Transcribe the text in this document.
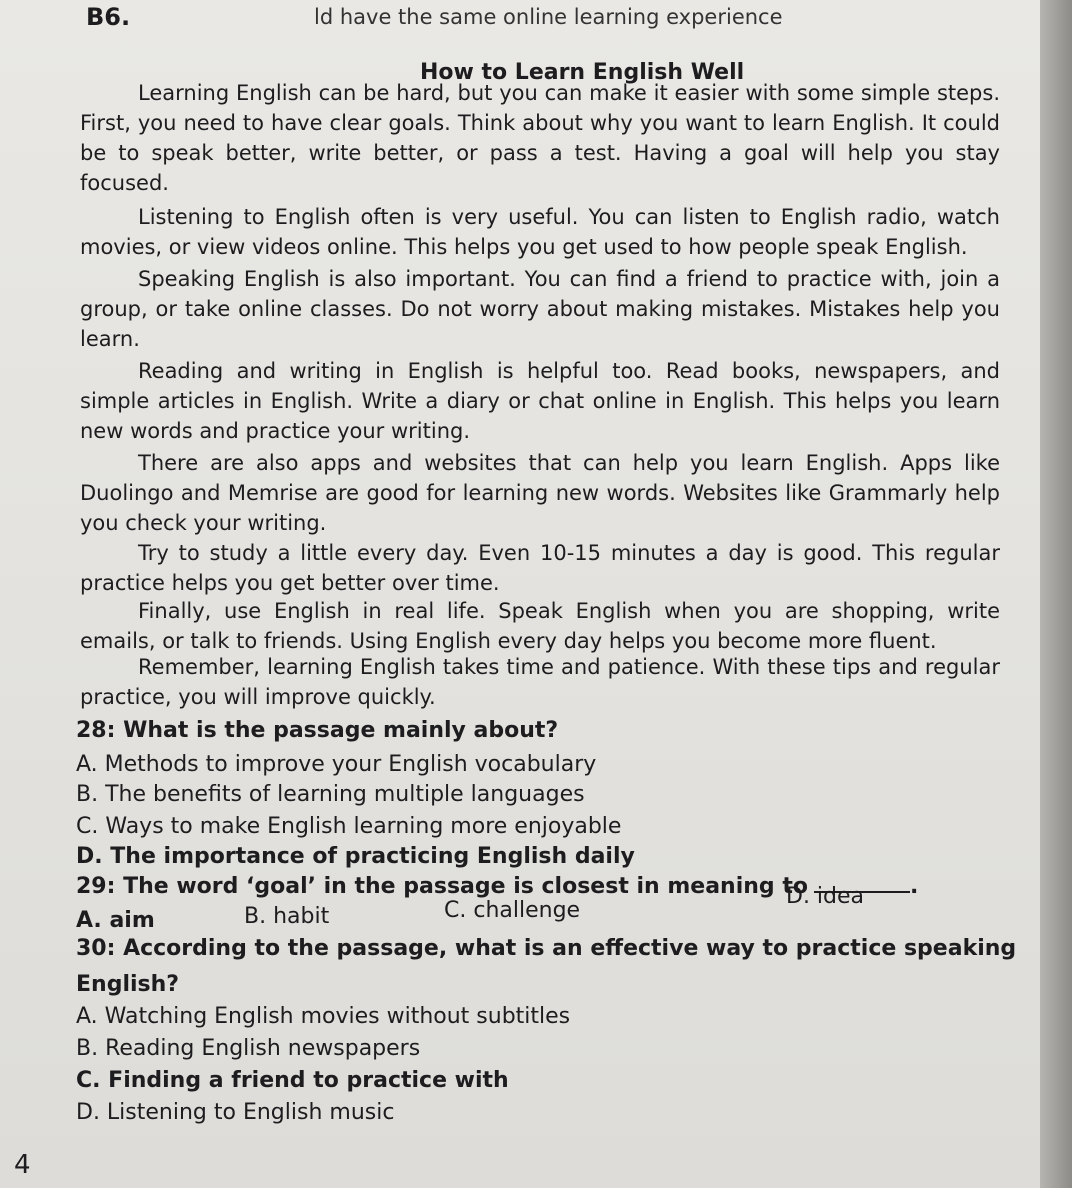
B6.	ld have the same online learning experience
How to Learn English Well
Learning English can be hard, but you can make it easier with some simple steps. First, you need to have clear goals. Think about why you want to learn English. It could be to speak better, write better, or pass a test. Having a goal will help you stay focused.
Listening to English often is very useful. You can listen to English radio, watch movies, or view videos online. This helps you get used to how people speak English.
Speaking English is also important. You can find a friend to practice with, join a group, or take online classes. Do not worry about making mistakes. Mistakes help you learn.
Reading and writing in English is helpful too. Read books, newspapers, and simple articles in English. Write a diary or chat online in English. This helps you learn new words and practice your writing.
There are also apps and websites that can help you learn English. Apps like Duolingo and Memrise are good for learning new words. Websites like Grammarly help you check your writing.
Try to study a little every day. Even 10-15 minutes a day is good. This regular practice helps you get better over time.
Finally, use English in real life. Speak English when you are shopping, write emails, or talk to friends. Using English every day helps you become more fluent.
Remember, learning English takes time and patience. With these tips and regular practice, you will improve quickly.
28: What is the passage mainly about?
A. Methods to improve your English vocabulary
B. The benefits of learning multiple languages
C. Ways to make English learning more enjoyable
D. The importance of practicing English daily
29: The word ‘goal’ in the passage is closest in meaning to	.
A. aim	B. habit	C. challenge
D. idea
30: According to the passage, what is an effective way to practice speaking
English?
A. Watching English movies without subtitles
B. Reading English newspapers
C. Finding a friend to practice with
D. Listening to English music
4
